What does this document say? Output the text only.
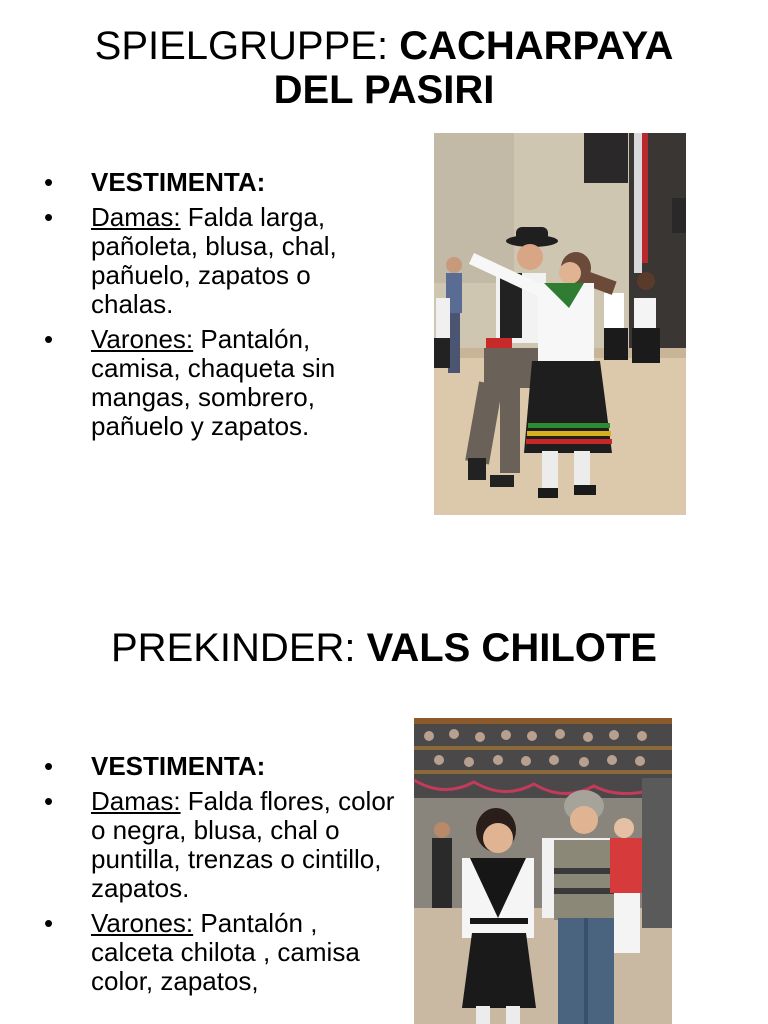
SPIELGRUPPE: CACHARPAYA
DEL PASIRI
• VESTIMENTA:
• Damas: Falda larga, pañoleta, blusa, chal, pañuelo, zapatos o chalas.
• Varones: Pantalón, camisa, chaqueta sin mangas, sombrero, pañuelo y zapatos.
PREKINDER: VALS CHILOTE
• VESTIMENTA:
• Damas: Falda flores, color o negra, blusa, chal o puntilla, trenzas o cintillo, zapatos.
• Varones: Pantalón , calceta chilota , camisa color, zapatos,
